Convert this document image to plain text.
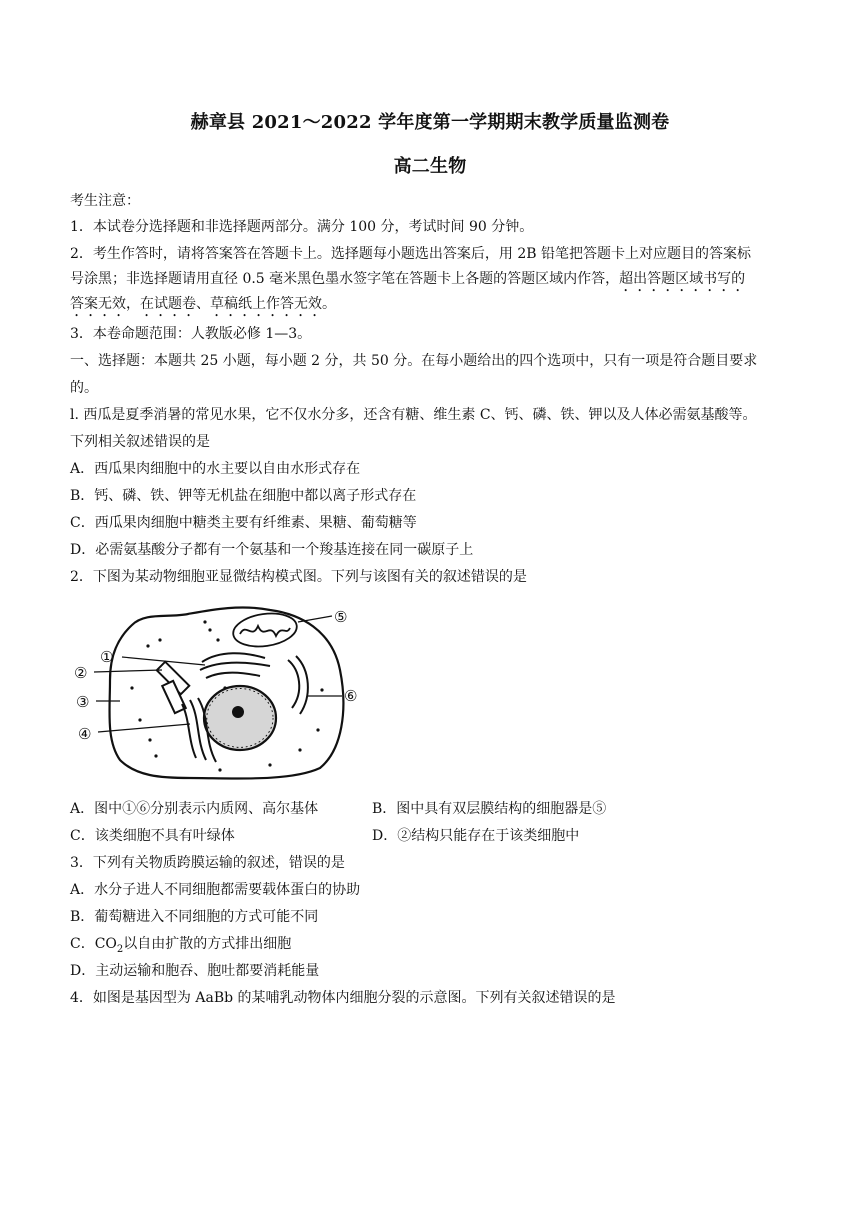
赫章县 2021～2022 学年度第一学期期末教学质量监测卷
高二生物
考生注意：
1．本试卷分选择题和非选择题两部分。满分 100 分，考试时间 90 分钟。
2．考生作答时，请将答案答在答题卡上。选择题每小题选出答案后，用 2B 铅笔把答题卡上对应题目的答案标
号涂黑；非选择题请用直径 0.5 毫米黑色墨水签字笔在答题卡上各题的答题区域内作答，超出答题区域书写的
答案无效，在试题卷、草稿纸上作答无效。
3．本卷命题范围：人教版必修 1—3。
一、选择题：本题共 25 小题，每小题 2 分，共 50 分。在每小题给出的四个选项中，只有一项是符合题目要求
的。
l. 西瓜是夏季消暑的常见水果，它不仅水分多，还含有糖、维生素 C、钙、磷、铁、钾以及人体必需氨基酸等。
下列相关叙述错误的是
A．西瓜果肉细胞中的水主要以自由水形式存在
B．钙、磷、铁、钾等无机盐在细胞中都以离子形式存在
C．西瓜果肉细胞中糖类主要有纤维素、果糖、葡萄糖等
D．必需氨基酸分子都有一个氨基和一个羧基连接在同一碳原子上
2．下图为某动物细胞亚显微结构模式图。下列与该图有关的叙述错误的是
①
②
③
④
⑤
⑥
A．图中①⑥分别表示内质网、高尔基体	B．图中具有双层膜结构的细胞器是⑤
C．该类细胞不具有叶绿体	D．②结构只能存在于该类细胞中
3．下列有关物质跨膜运输的叙述，错误的是
A．水分子进人不同细胞都需要载体蛋白的协助
B．葡萄糖进入不同细胞的方式可能不同
C．$CO_2$以自由扩散的方式排出细胞
D．主动运输和胞吞、胞吐都要消耗能量
4．如图是基因型为 AaBb 的某哺乳动物体内细胞分裂的示意图。下列有关叙述错误的是
